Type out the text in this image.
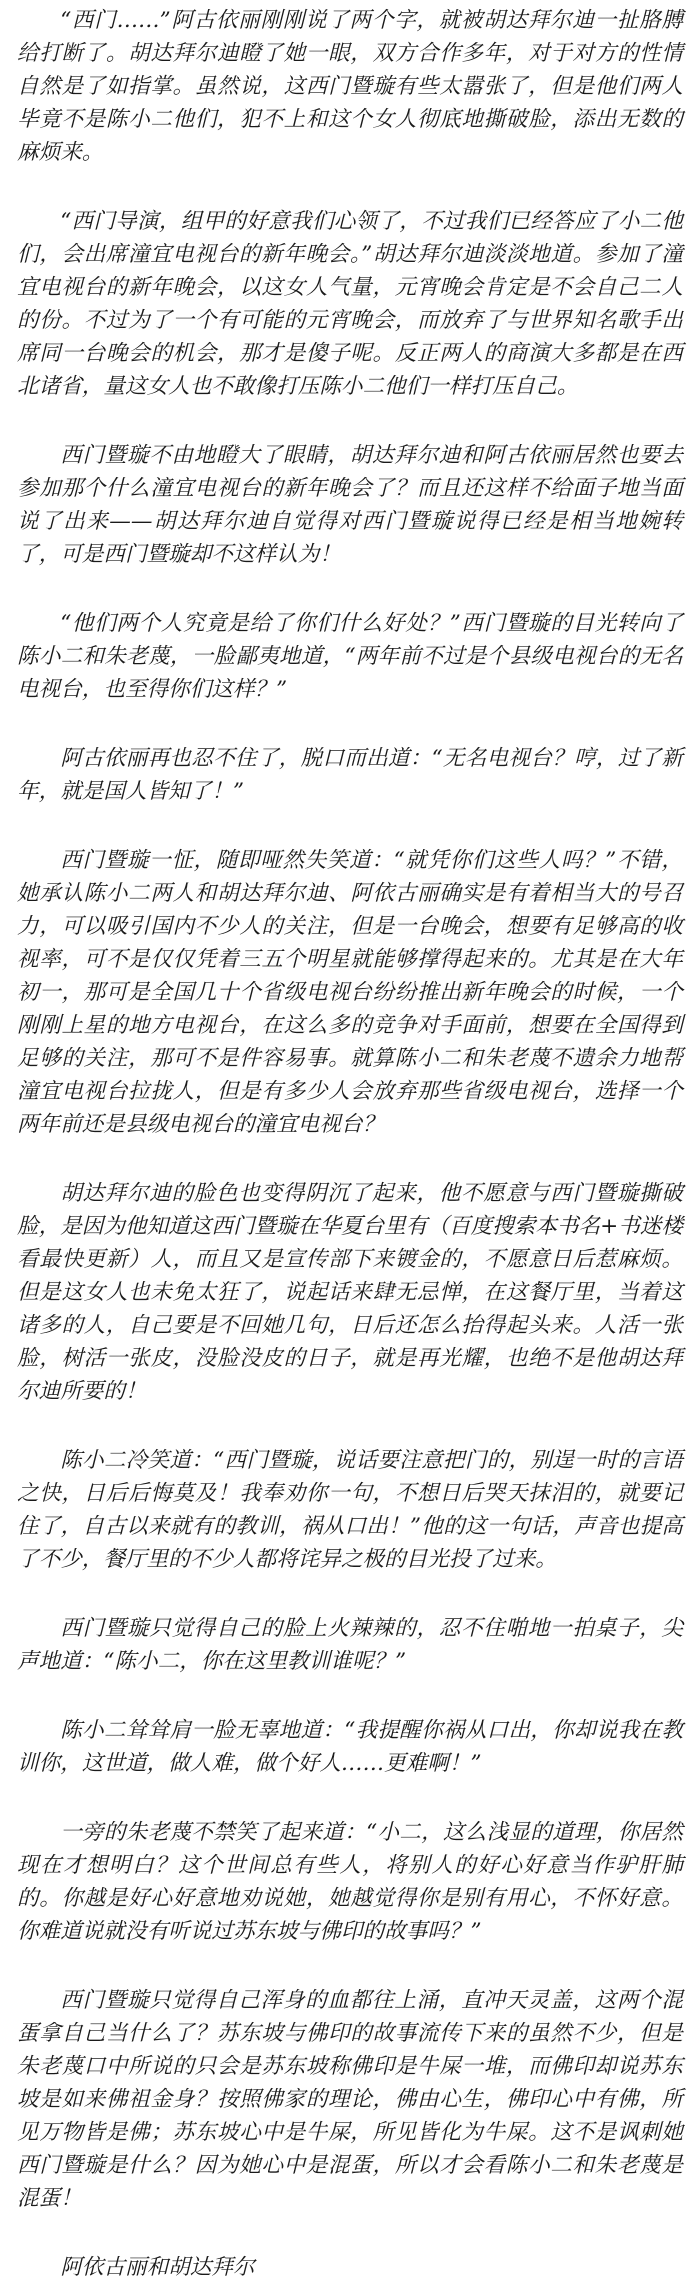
“西门……”阿古依丽刚刚说了两个字，就被胡达拜尔迪一扯胳膊给打断了。胡达拜尔迪瞪了她一眼，双方合作多年，对于对方的性情自然是了如指掌。虽然说，这西门暨璇有些太嚣张了，但是他们两人毕竟不是陈小二他们，犯不上和这个女人彻底地撕破脸，添出无数的麻烦来。

“西门导演，组甲的好意我们心领了，不过我们已经答应了小二他们，会出席潼宜电视台的新年晚会。”胡达拜尔迪淡淡地道。参加了潼宜电视台的新年晚会，以这女人气量，元宵晚会肯定是不会自己二人的份。不过为了一个有可能的元宵晚会，而放弃了与世界知名歌手出席同一台晚会的机会，那才是傻子呢。反正两人的商演大多都是在西北诸省，量这女人也不敢像打压陈小二他们一样打压自己。

西门暨璇不由地瞪大了眼睛，胡达拜尔迪和阿古依丽居然也要去参加那个什么潼宜电视台的新年晚会了？而且还这样不给面子地当面说了出来——胡达拜尔迪自觉得对西门暨璇说得已经是相当地婉转了，可是西门暨璇却不这样认为！

“他们两个人究竟是给了你们什么好处？”西门暨璇的目光转向了陈小二和朱老蔑，一脸鄙夷地道，“两年前不过是个县级电视台的无名电视台，也至得你们这样？”

阿古依丽再也忍不住了，脱口而出道：“无名电视台？哼，过了新年，就是国人皆知了！”

西门暨璇一怔，随即哑然失笑道：“就凭你们这些人吗？”不错，她承认陈小二两人和胡达拜尔迪、阿依古丽确实是有着相当大的号召力，可以吸引国内不少人的关注，但是一台晚会，想要有足够高的收视率，可不是仅仅凭着三五个明星就能够撑得起来的。尤其是在大年初一，那可是全国几十个省级电视台纷纷推出新年晚会的时候，一个刚刚上星的地方电视台，在这么多的竞争对手面前，想要在全国得到足够的关注，那可不是件容易事。就算陈小二和朱老蔑不遗余力地帮潼宜电视台拉拢人，但是有多少人会放弃那些省级电视台，选择一个两年前还是县级电视台的潼宜电视台？

胡达拜尔迪的脸色也变得阴沉了起来，他不愿意与西门暨璇撕破脸，是因为他知道这西门暨璇在华夏台里有（百度搜索本书名+书迷楼 看最快更新）人，而且又是宣传部下来镀金的，不愿意日后惹麻烦。但是这女人也未免太狂了，说起话来肆无忌惮，在这餐厅里，当着这诸多的人，自己要是不回她几句，日后还怎么抬得起头来。人活一张脸，树活一张皮，没脸没皮的日子，就是再光耀，也绝不是他胡达拜尔迪所要的！

陈小二冷笑道：“西门暨璇，说话要注意把门的，别逞一时的言语之快，日后后悔莫及！我奉劝你一句，不想日后哭天抹泪的，就要记住了，自古以来就有的教训，祸从口出！”他的这一句话，声音也提高了不少，餐厅里的不少人都将诧异之极的目光投了过来。

西门暨璇只觉得自己的脸上火辣辣的，忍不住啪地一拍桌子，尖声地道：“陈小二，你在这里教训谁呢？”

陈小二耸耸肩一脸无辜地道：“我提醒你祸从口出，你却说我在教训你，这世道，做人难，做个好人……更难啊！”

一旁的朱老蔑不禁笑了起来道：“小二，这么浅显的道理，你居然现在才想明白？这个世间总有些人，将别人的好心好意当作驴肝肺的。你越是好心好意地劝说她，她越觉得你是别有用心，不怀好意。你难道说就没有听说过苏东坡与佛印的故事吗？”

西门暨璇只觉得自己浑身的血都往上涌，直冲天灵盖，这两个混蛋拿自己当什么了？苏东坡与佛印的故事流传下来的虽然不少，但是朱老蔑口中所说的只会是苏东坡称佛印是牛屎一堆，而佛印却说苏东坡是如来佛祖金身？按照佛家的理论，佛由心生，佛印心中有佛，所见万物皆是佛；苏东坡心中是牛屎，所见皆化为牛屎。这不是讽刺她西门暨璇是什么？因为她心中是混蛋，所以才会看陈小二和朱老蔑是混蛋！

阿依古丽和胡达拜尔
